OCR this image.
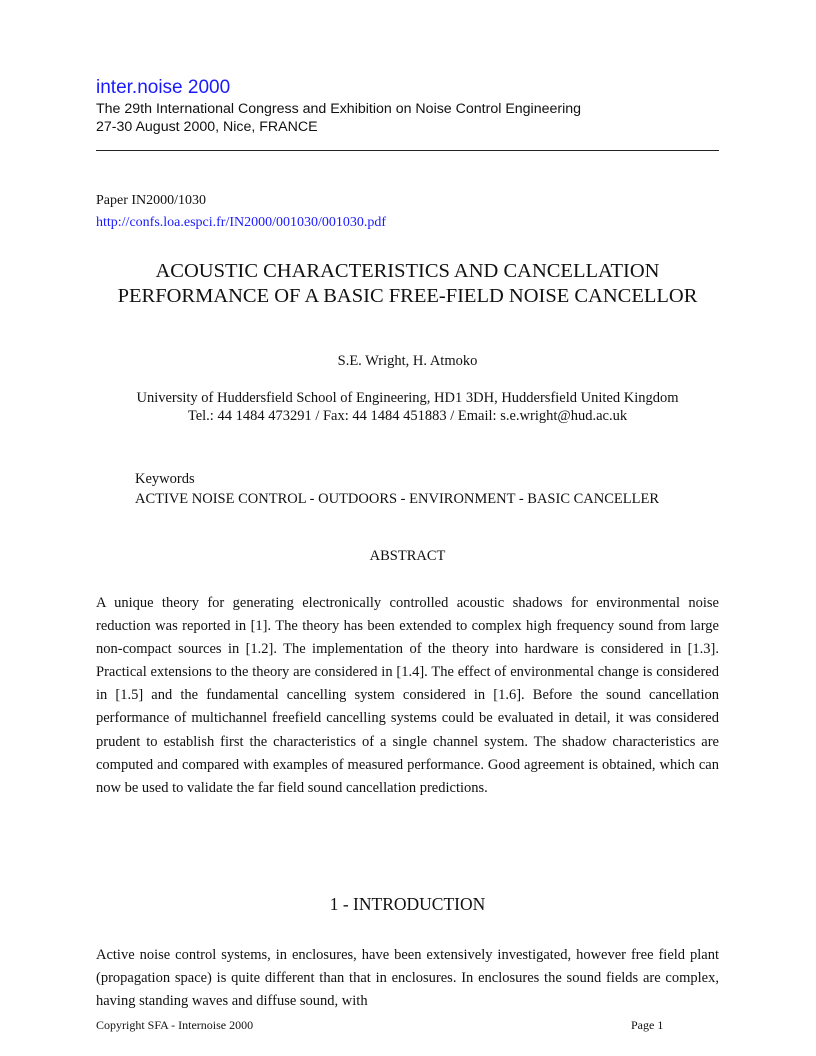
inter.noise 2000
The 29th International Congress and Exhibition on Noise Control Engineering
27-30 August 2000, Nice, FRANCE
Paper IN2000/1030
http://confs.loa.espci.fr/IN2000/001030/001030.pdf
ACOUSTIC CHARACTERISTICS AND CANCELLATION PERFORMANCE OF A BASIC FREE-FIELD NOISE CANCELLOR
S.E. Wright, H. Atmoko
University of Huddersfield School of Engineering, HD1 3DH, Huddersfield United Kingdom
Tel.: 44 1484 473291 / Fax: 44 1484 451883 / Email: s.e.wright@hud.ac.uk
Keywords
ACTIVE NOISE CONTROL - OUTDOORS - ENVIRONMENT - BASIC CANCELLER
ABSTRACT
A unique theory for generating electronically controlled acoustic shadows for environmental noise reduction was reported in [1]. The theory has been extended to complex high frequency sound from large non-compact sources in [1.2]. The implementation of the theory into hardware is considered in [1.3]. Practical extensions to the theory are considered in [1.4]. The effect of environmental change is considered in [1.5] and the fundamental cancelling system considered in [1.6]. Before the sound cancellation performance of multichannel freefield cancelling systems could be evaluated in detail, it was considered prudent to establish first the characteristics of a single channel system. The shadow characteristics are computed and compared with examples of measured performance. Good agreement is obtained, which can now be used to validate the far field sound cancellation predictions.
1 - INTRODUCTION
Active noise control systems, in enclosures, have been extensively investigated, however free field plant (propagation space) is quite different than that in enclosures. In enclosures the sound fields are complex, having standing waves and diffuse sound, with
Copyright SFA - Internoise 2000	Page 1
